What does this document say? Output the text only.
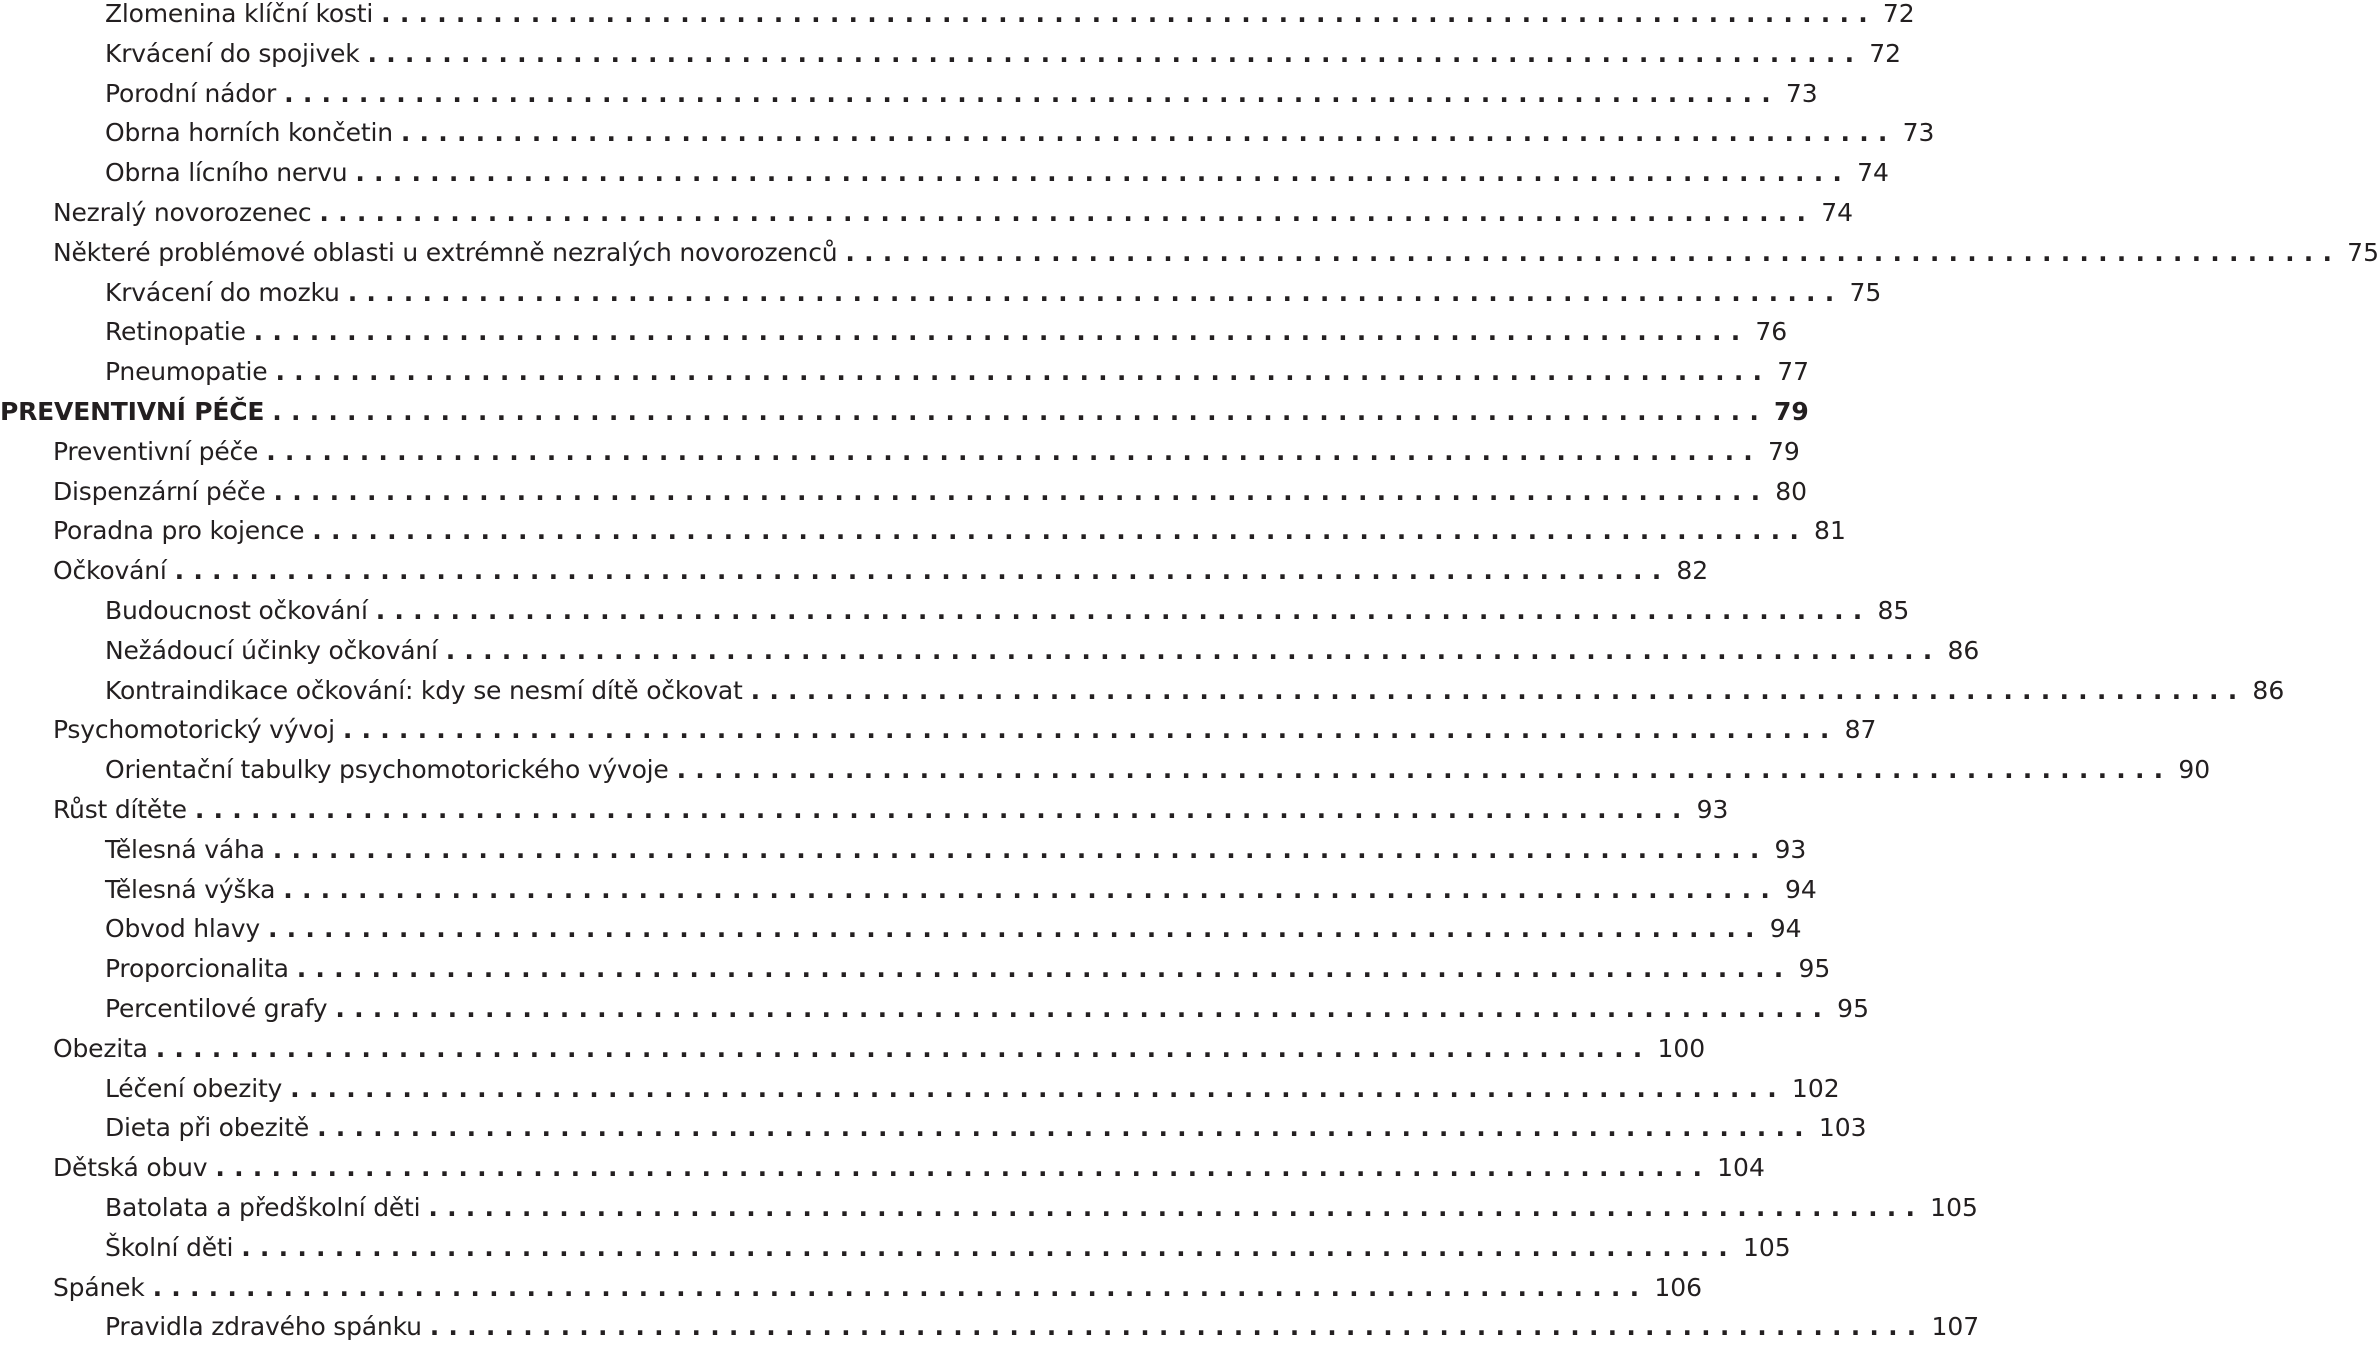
Zlomenina klíční kosti ................................................................................ 72
Krvácení do spojivek ................................................................................ 72
Porodní nádor ................................................................................ 73
Obrna horních končetin ................................................................................ 73
Obrna lícního nervu ................................................................................ 74
Nezralý novorozenec ................................................................................ 74
Některé problémové oblasti u extrémně nezralých novorozenců ................................................................................ 75
Krvácení do mozku ................................................................................ 75
Retinopatie ................................................................................ 76
Pneumopatie ................................................................................ 77
PREVENTIVNÍ PÉČE ................................................................................ 79
Preventivní péče ................................................................................ 79
Dispenzární péče ................................................................................ 80
Poradna pro kojence ................................................................................ 81
Očkování ................................................................................ 82
Budoucnost očkování ................................................................................ 85
Nežádoucí účinky očkování ................................................................................ 86
Kontraindikace očkování: kdy se nesmí dítě očkovat ................................................................................ 86
Psychomotorický vývoj ................................................................................ 87
Orientační tabulky psychomotorického vývoje ................................................................................ 90
Růst dítěte ................................................................................ 93
Tělesná váha ................................................................................ 93
Tělesná výška ................................................................................ 94
Obvod hlavy ................................................................................ 94
Proporcionalita ................................................................................ 95
Percentilové grafy ................................................................................ 95
Obezita ................................................................................ 100
Léčení obezity ................................................................................ 102
Dieta při obezitě ................................................................................ 103
Dětská obuv ................................................................................ 104
Batolata a předškolní děti ................................................................................ 105
Školní děti ................................................................................ 105
Spánek ................................................................................ 106
Pravidla zdravého spánku ................................................................................ 107
